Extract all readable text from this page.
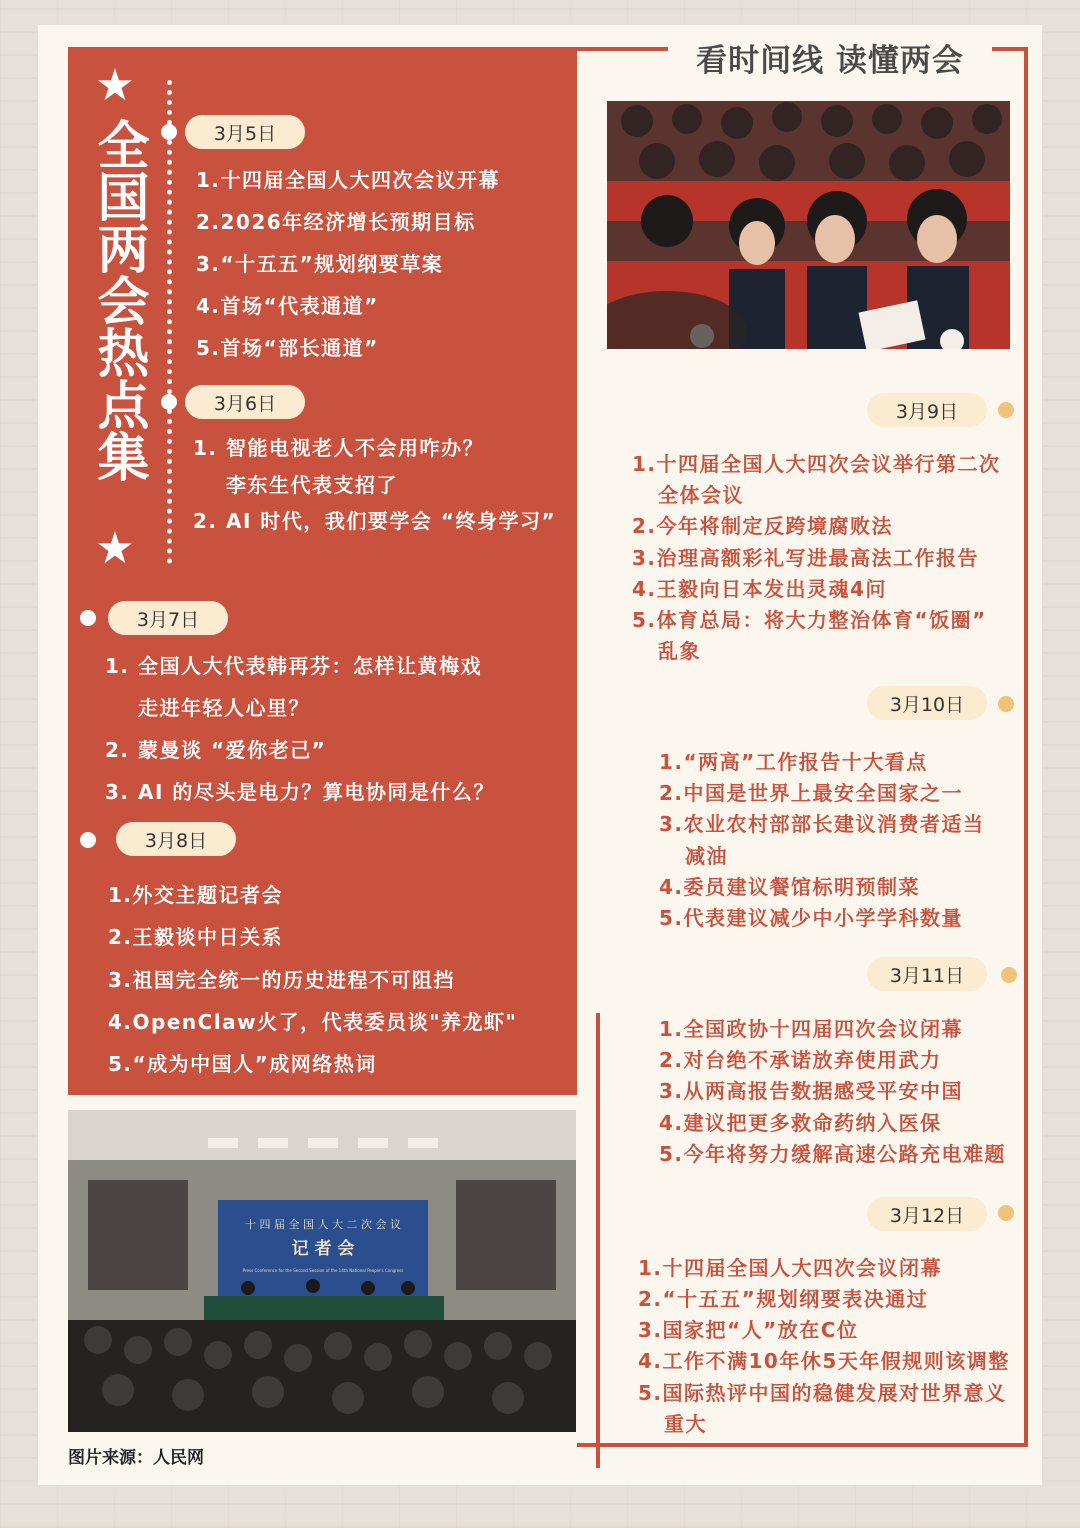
看时间线 读懂两会
★
全国两会热点集
★
3月5日
1.十四届全国人大四次会议开幕
2.2026年经济增长预期目标
3.“十五五”规划纲要草案
4.首场“代表通道”
5.首场“部长通道”
3月6日
1. 智能电视老人不会用咋办？
李东生代表支招了
2. AI 时代，我们要学会 “终身学习”
3月7日
1. 全国人大代表韩再芬：怎样让黄梅戏
走进年轻人心里？
2. 蒙曼谈 “爱你老己”
3. AI 的尽头是电力？算电协同是什么？
3月8日
1.外交主题记者会
2.王毅谈中日关系
3.祖国完全统一的历史进程不可阻挡
4.OpenClaw火了，代表委员谈"养龙虾"
5.“成为中国人”成网络热词
3月9日
1.十四届全国人大四次会议举行第二次
全体会议
2.今年将制定反跨境腐败法
3.治理高额彩礼写进最高法工作报告
4.王毅向日本发出灵魂4问
5.体育总局：将大力整治体育“饭圈”
乱象
3月10日
1.“两高”工作报告十大看点
2.中国是世界上最安全国家之一
3.农业农村部部长建议消费者适当
减油
4.委员建议餐馆标明预制菜
5.代表建议减少中小学学科数量
3月11日
1.全国政协十四届四次会议闭幕
2.对台绝不承诺放弃使用武力
3.从两高报告数据感受平安中国
4.建议把更多救命药纳入医保
5.今年将努力缓解高速公路充电难题
3月12日
1.十四届全国人大四次会议闭幕
2.“十五五”规划纲要表决通过
3.国家把“人”放在C位
4.工作不满10年休5天年假规则该调整
5.国际热评中国的稳健发展对世界意义
重大
十 四 届 全 国 人 大 二 次 会 议
记 者 会
Press Conference for the Second Session of the 14th National People's Congress
图片来源：人民网
